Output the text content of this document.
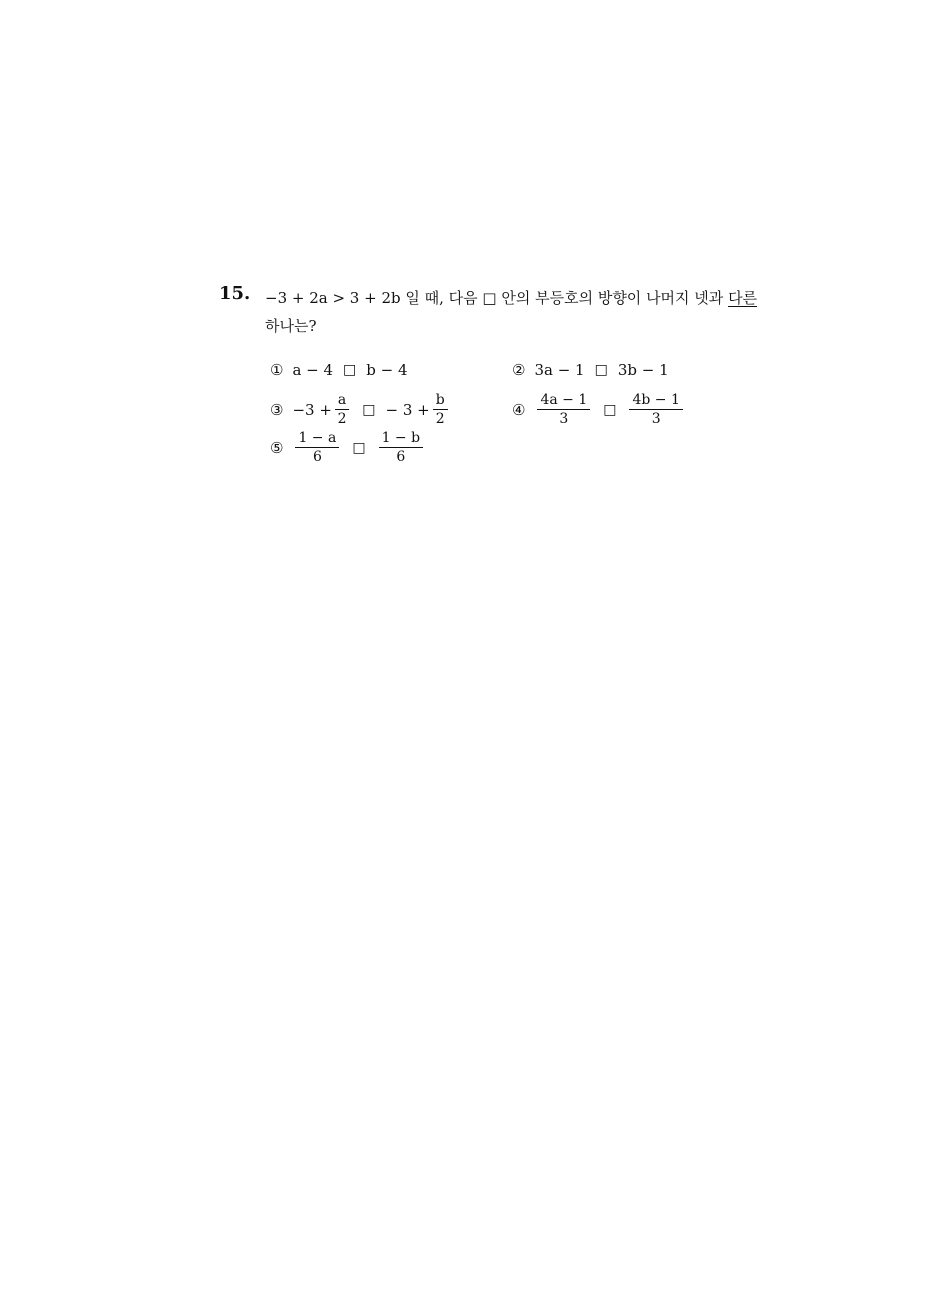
15. −3 + 2a > 3 + 2b 일 때, 다음 □ 안의 부등호의 방향이 나머지 넷과 다른
하나는?
① a − 4 □ b − 4	② 3a − 1 □ 3b − 1
③ $-3 + \frac{a}{2}$ □ − $3 + \frac{b}{2}$	④ $\frac{4a - 1}{3}$ □ $\frac{4b - 1}{3}$
⑤ $\frac{1 - a}{6}$ □ $\frac{1 - b}{6}$
